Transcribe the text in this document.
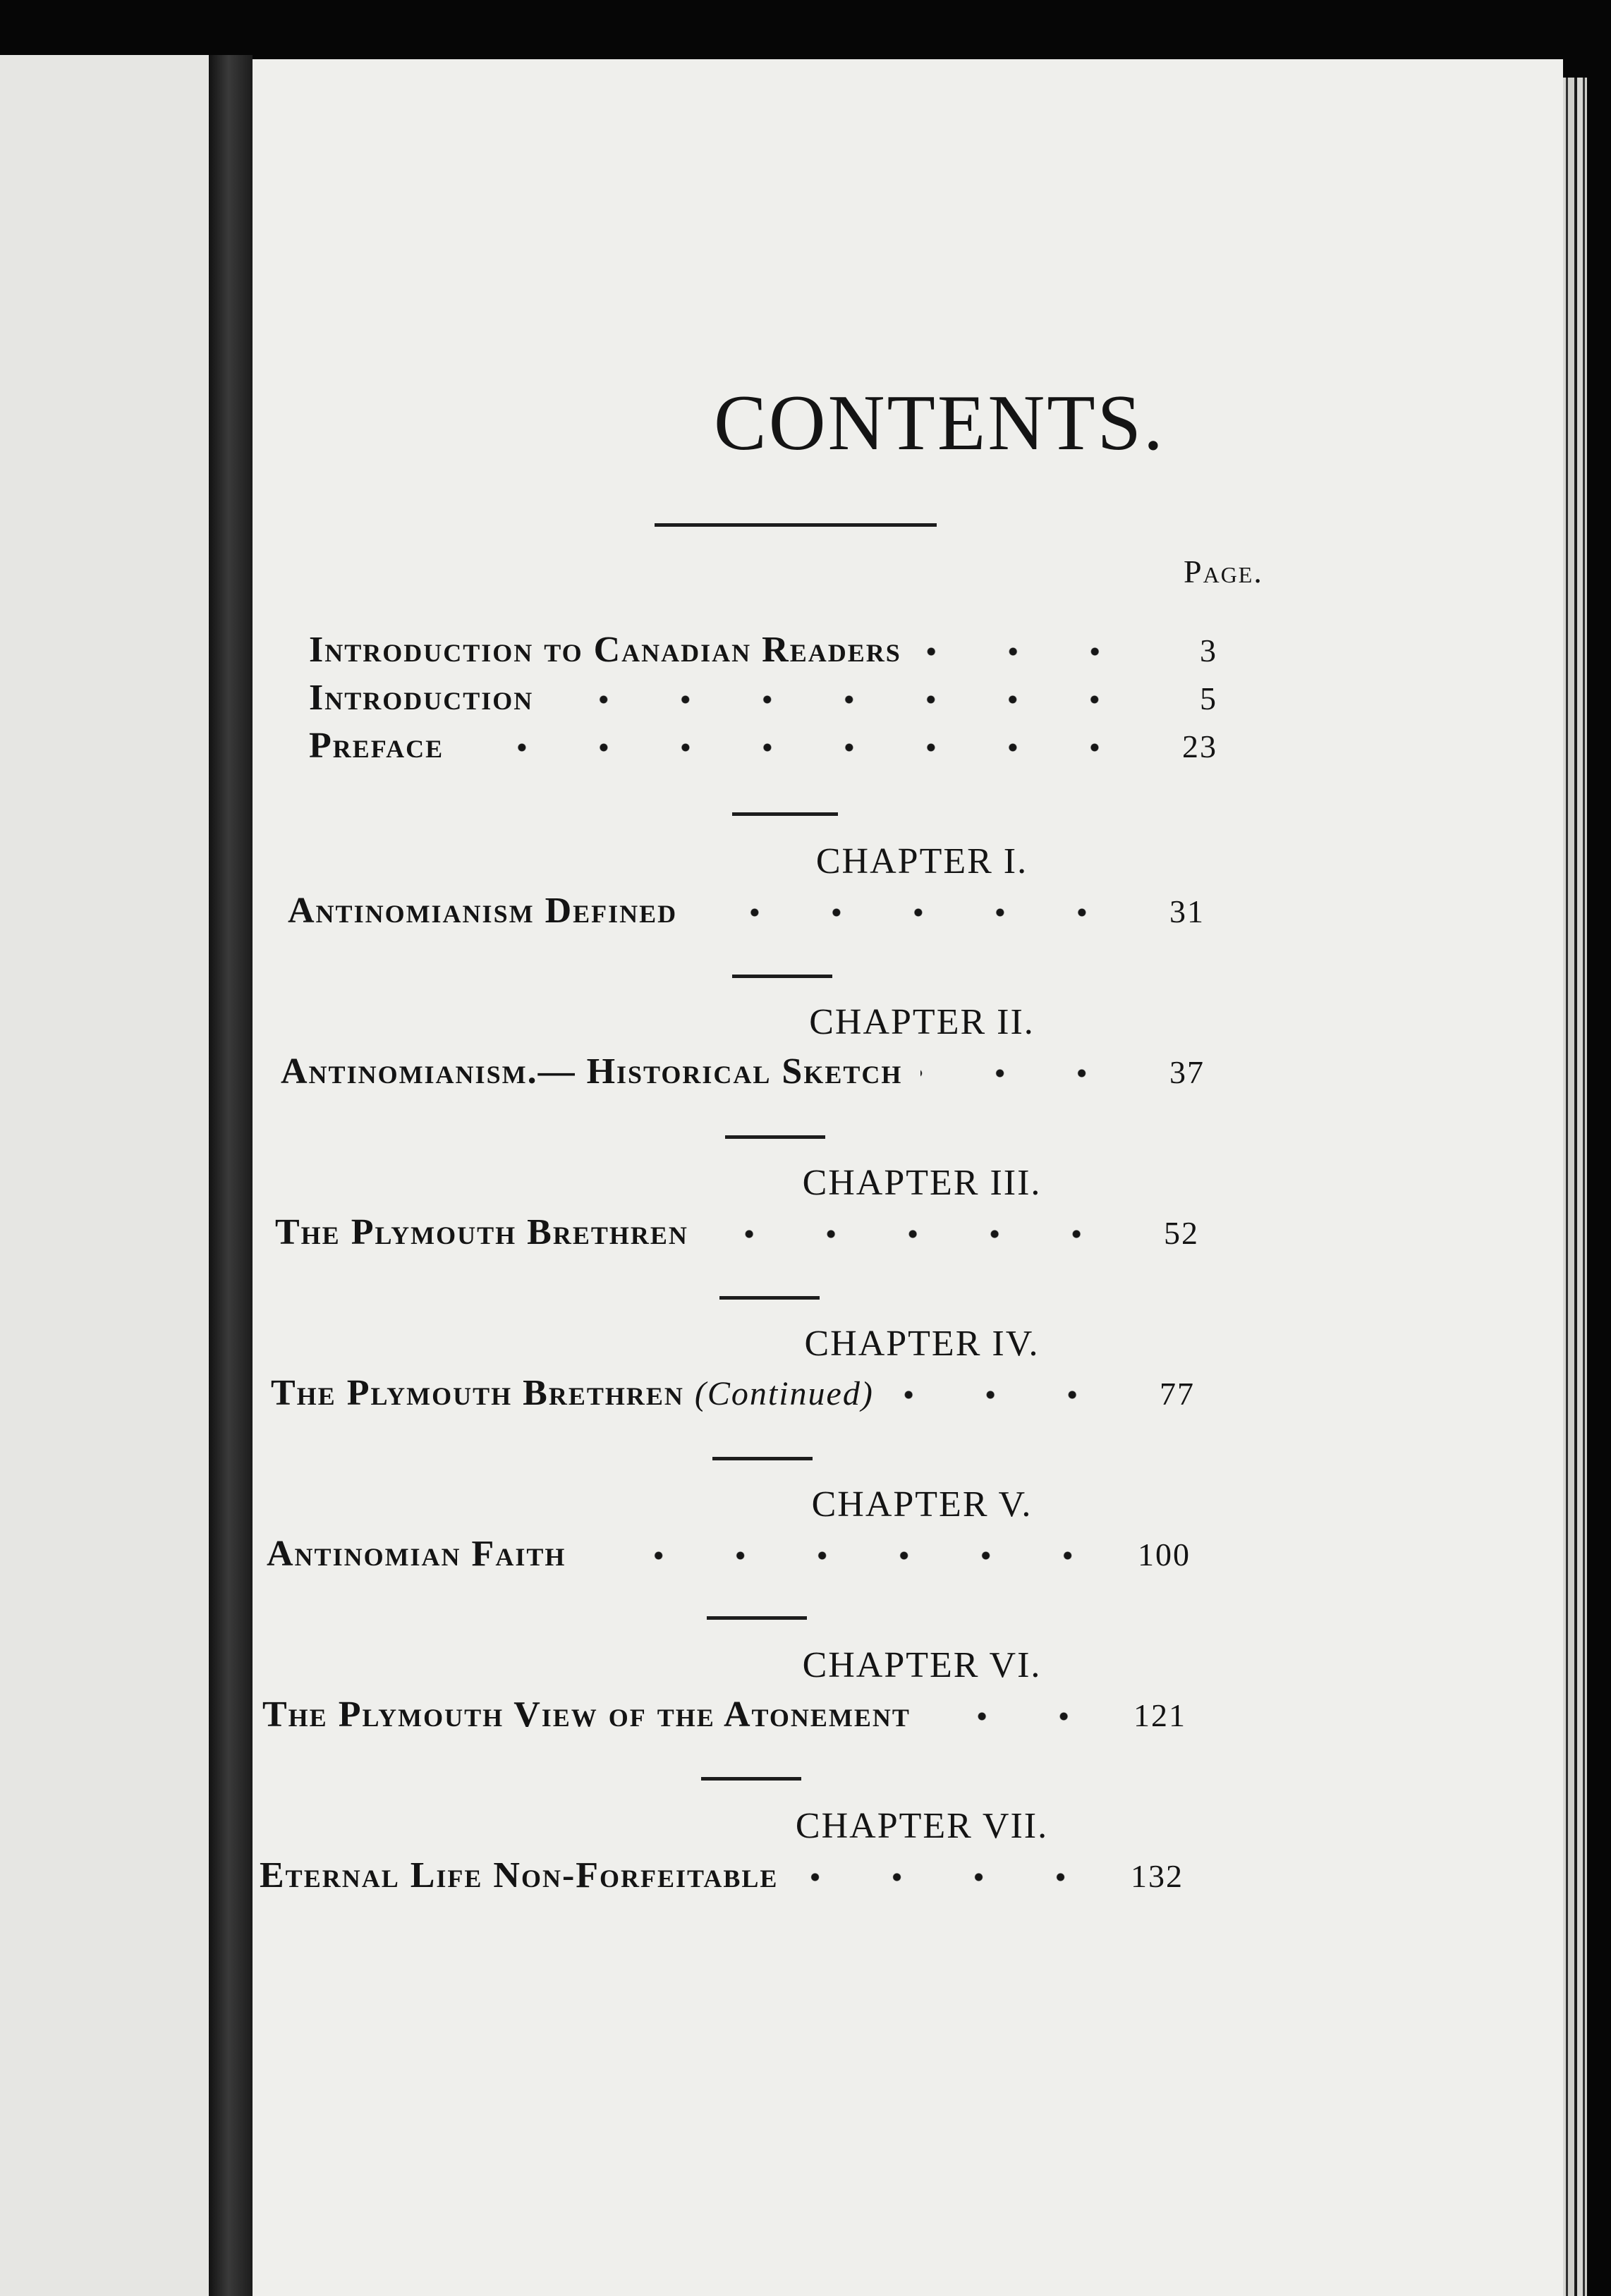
CONTENTS.
Page.
Introduction to Canadian Readers	3
Introduction	5
Preface	23
CHAPTER I.
Antinomianism Defined	31
CHAPTER II.
Antinomianism.— Historical Sketch	37
CHAPTER III.
The Plymouth Brethren	52
CHAPTER IV.
The Plymouth Brethren (Continued)	77
CHAPTER V.
Antinomian Faith	100
CHAPTER VI.
The Plymouth View of the Atonement	121
CHAPTER VII.
Eternal Life Non-Forfeitable	132
